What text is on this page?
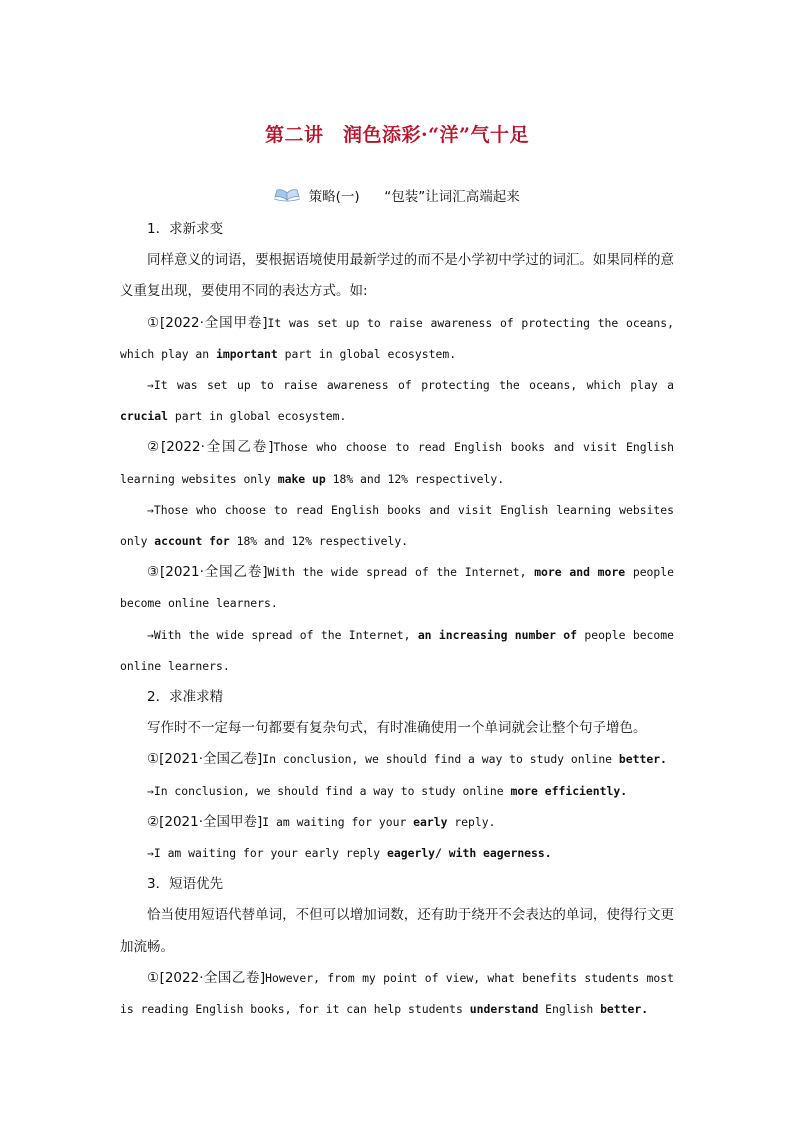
第二讲　润色添彩·“洋”气十足
策略(一) “包装”让词汇高端起来

1．求新求变

同样意义的词语，要根据语境使用最新学过的而不是小学初中学过的词汇。如果同样的意义重复出现，要使用不同的表达方式。如:

①[2022·全国甲卷]It was set up to raise awareness of protecting the oceans, which play an important part in global ecosystem.

→It was set up to raise awareness of protecting the oceans, which play a crucial part in global ecosystem.

②[2022·全国乙卷]Those who choose to read English books and visit English learning websites only make up 18% and 12% respectively.

→Those who choose to read English books and visit English learning websites only account for 18% and 12% respectively.

③[2021·全国乙卷]With the wide spread of the Internet, more and more people become online learners.

→With the wide spread of the Internet, an increasing number of people become online learners.

2．求准求精

写作时不一定每一句都要有复杂句式，有时准确使用一个单词就会让整个句子增色。

①[2021·全国乙卷]In conclusion, we should find a way to study online better.

→In conclusion, we should find a way to study online more efficiently.

②[2021·全国甲卷]I am waiting for your early reply.

→I am waiting for your early reply eagerly/ with eagerness.

3．短语优先

恰当使用短语代替单词，不但可以增加词数，还有助于绕开不会表达的单词，使得行文更加流畅。

①[2022·全国乙卷]However, from my point of view, what benefits students most is reading English books, for it can help students understand English better.
